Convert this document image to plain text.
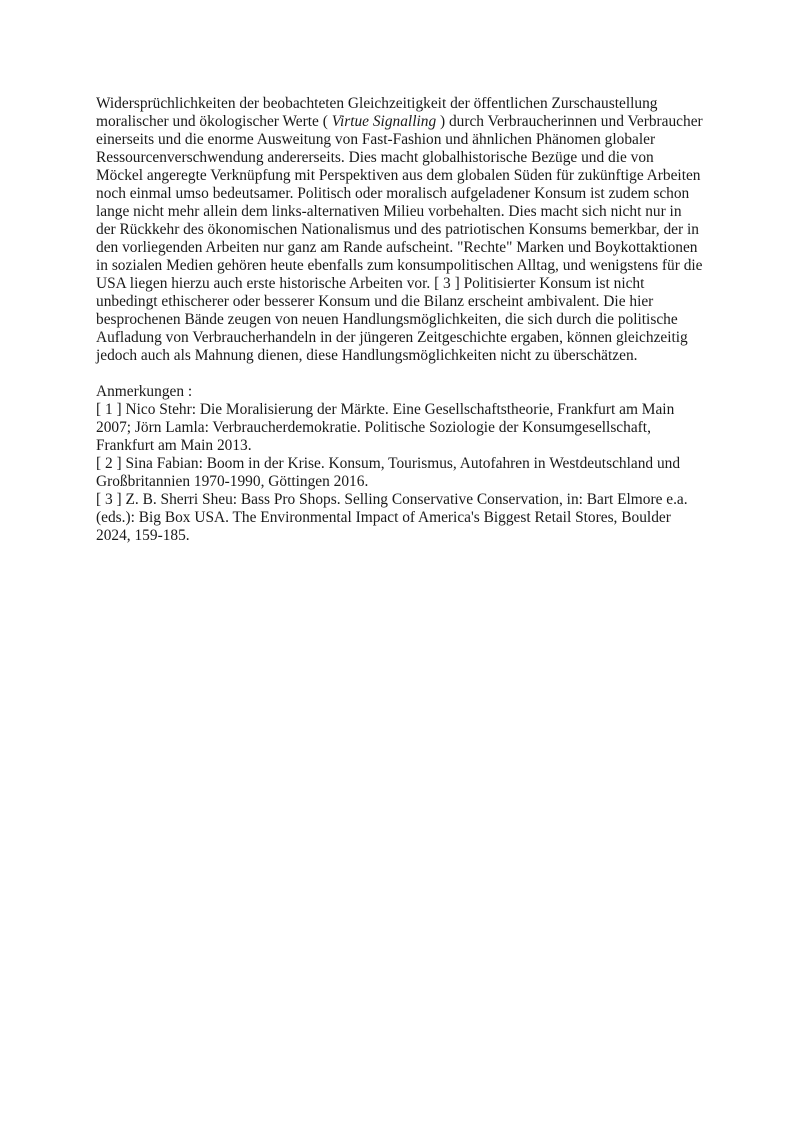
Widersprüchlichkeiten der beobachteten Gleichzeitigkeit der öffentlichen Zurschaustellung moralischer und ökologischer Werte ( Virtue Signalling ) durch Verbraucherinnen und Verbraucher einerseits und die enorme Ausweitung von Fast-Fashion und ähnlichen Phänomen globaler Ressourcenverschwendung andererseits. Dies macht globalhistorische Bezüge und die von Möckel angeregte Verknüpfung mit Perspektiven aus dem globalen Süden für zukünftige Arbeiten noch einmal umso bedeutsamer. Politisch oder moralisch aufgeladener Konsum ist zudem schon lange nicht mehr allein dem links-alternativen Milieu vorbehalten. Dies macht sich nicht nur in der Rückkehr des ökonomischen Nationalismus und des patriotischen Konsums bemerkbar, der in den vorliegenden Arbeiten nur ganz am Rande aufscheint. "Rechte" Marken und Boykottaktionen in sozialen Medien gehören heute ebenfalls zum konsumpolitischen Alltag, und wenigstens für die USA liegen hierzu auch erste historische Arbeiten vor. [ 3 ] Politisierter Konsum ist nicht unbedingt ethischerer oder besserer Konsum und die Bilanz erscheint ambivalent. Die hier besprochenen Bände zeugen von neuen Handlungsmöglichkeiten, die sich durch die politische Aufladung von Verbraucherhandeln in der jüngeren Zeitgeschichte ergaben, können gleichzeitig jedoch auch als Mahnung dienen, diese Handlungsmöglichkeiten nicht zu überschätzen.

Anmerkungen :

[ 1 ] Nico Stehr: Die Moralisierung der Märkte. Eine Gesellschaftstheorie, Frankfurt am Main 2007; Jörn Lamla: Verbraucherdemokratie. Politische Soziologie der Konsumgesellschaft, Frankfurt am Main 2013.

[ 2 ] Sina Fabian: Boom in der Krise. Konsum, Tourismus, Autofahren in Westdeutschland und Großbritannien 1970-1990, Göttingen 2016.

[ 3 ] Z. B. Sherri Sheu: Bass Pro Shops. Selling Conservative Conservation, in: Bart Elmore e.a. (eds.): Big Box USA. The Environmental Impact of America's Biggest Retail Stores, Boulder 2024, 159-185.
